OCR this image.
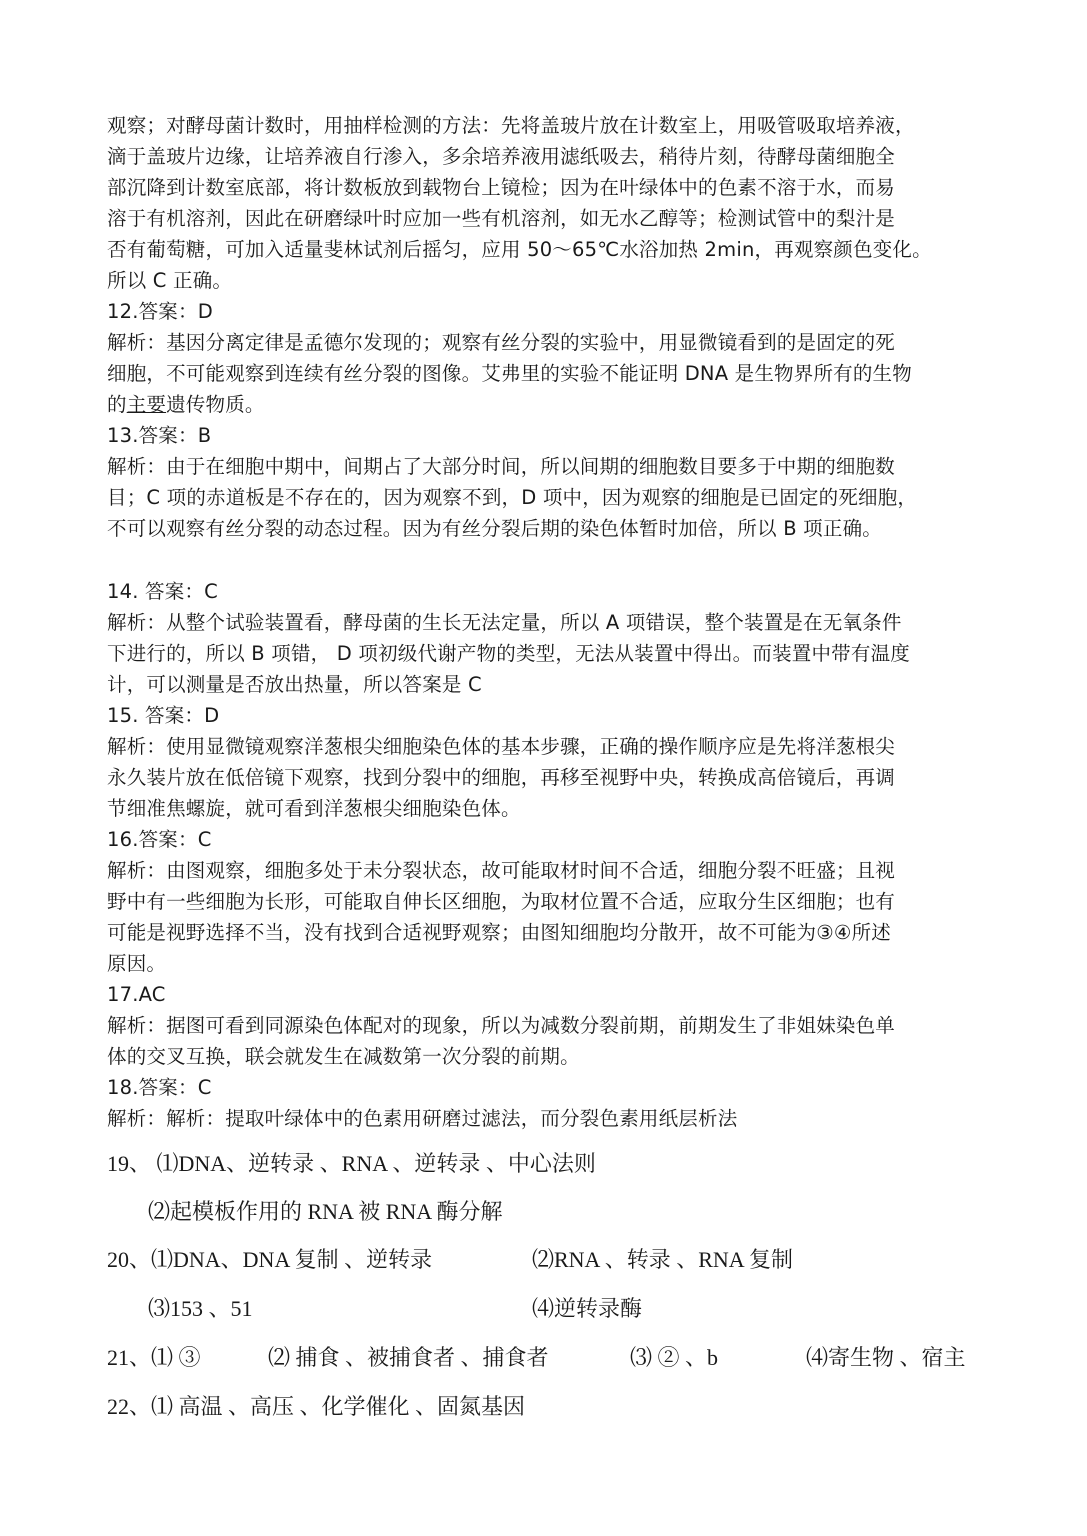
观察；对酵母菌计数时，用抽样检测的方法：先将盖玻片放在计数室上，用吸管吸取培养液，
滴于盖玻片边缘，让培养液自行渗入，多余培养液用滤纸吸去，稍待片刻，待酵母菌细胞全
部沉降到计数室底部，将计数板放到载物台上镜检；因为在叶绿体中的色素不溶于水，而易
溶于有机溶剂，因此在研磨绿叶时应加一些有机溶剂，如无水乙醇等；检测试管中的梨汁是
否有葡萄糖，可加入适量斐林试剂后摇匀，应用 50～65℃水浴加热 2min，再观察颜色变化。
所以 C 正确。
12.答案：D
解析：基因分离定律是孟德尔发现的；观察有丝分裂的实验中，用显微镜看到的是固定的死
细胞，不可能观察到连续有丝分裂的图像。艾弗里的实验不能证明 DNA 是生物界所有的生物
的主要遗传物质。
13.答案：B
解析：由于在细胞中期中，间期占了大部分时间，所以间期的细胞数目要多于中期的细胞数
目；C 项的赤道板是不存在的，因为观察不到，D 项中，因为观察的细胞是已固定的死细胞，
不可以观察有丝分裂的动态过程。因为有丝分裂后期的染色体暂时加倍，所以 B 项正确。
14. 答案：C
解析：从整个试验装置看，酵母菌的生长无法定量，所以 A 项错误，整个装置是在无氧条件
下进行的，所以 B 项错， D 项初级代谢产物的类型，无法从装置中得出。而装置中带有温度
计，可以测量是否放出热量，所以答案是 C
15. 答案：D
解析：使用显微镜观察洋葱根尖细胞染色体的基本步骤，正确的操作顺序应是先将洋葱根尖
永久装片放在低倍镜下观察，找到分裂中的细胞，再移至视野中央，转换成高倍镜后，再调
节细准焦螺旋，就可看到洋葱根尖细胞染色体。
16.答案：C
解析：由图观察，细胞多处于未分裂状态，故可能取材时间不合适，细胞分裂不旺盛；且视
野中有一些细胞为长形，可能取自伸长区细胞，为取材位置不合适，应取分生区细胞；也有
可能是视野选择不当，没有找到合适视野观察；由图知细胞均分散开，故不可能为③④所述
原因。
17.AC
解析：据图可看到同源染色体配对的现象，所以为减数分裂前期，前期发生了非姐妹染色单
体的交叉互换，联会就发生在减数第一次分裂的前期。
18.答案：C
解析：解析：提取叶绿体中的色素用研磨过滤法，而分裂色素用纸层析法
19、 ⑴DNA、逆转录 、RNA 、逆转录 、中心法则
⑵起模板作用的 RNA 被 RNA 酶分解
20、⑴DNA、DNA 复制 、逆转录	⑵RNA 、转录 、RNA 复制
⑶153 、51	⑷逆转录酶
21、⑴ ③	⑵ 捕食 、被捕食者 、捕食者	⑶ ② 、b	⑷寄生物 、宿主
22、⑴ 高温 、高压 、化学催化 、固氮基因
